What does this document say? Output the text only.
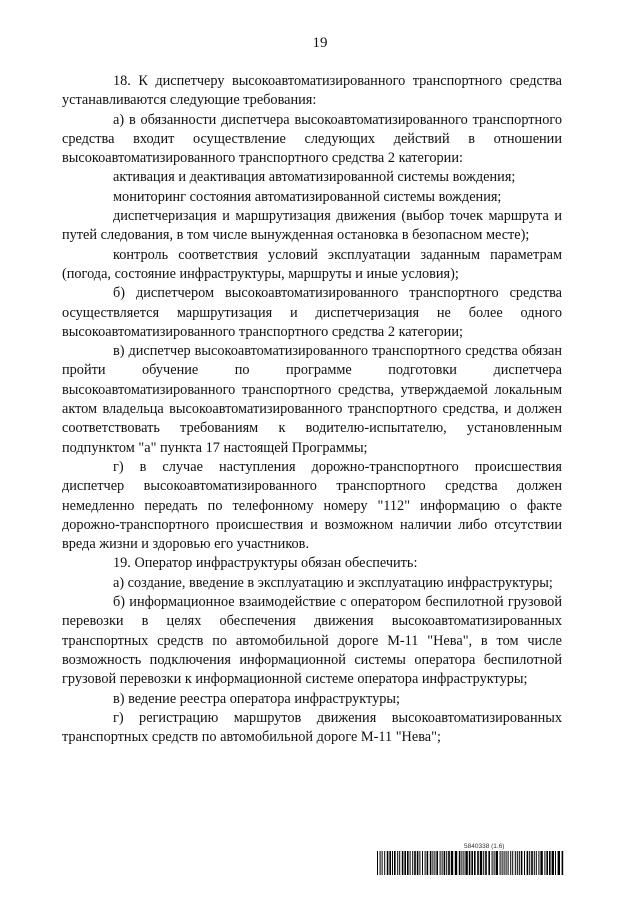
19

18. К диспетчеру высокоавтоматизированного транспортного средства устанавливаются следующие требования:

а) в обязанности диспетчера высокоавтоматизированного транспортного средства входит осуществление следующих действий в отношении высокоавтоматизированного транспортного средства 2 категории:

активация и деактивация автоматизированной системы вождения;

мониторинг состояния автоматизированной системы вождения;

диспетчеризация и маршрутизация движения (выбор точек маршрута и путей следования, в том числе вынужденная остановка в безопасном месте);

контроль соответствия условий эксплуатации заданным параметрам (погода, состояние инфраструктуры, маршруты и иные условия);

б) диспетчером высокоавтоматизированного транспортного средства осуществляется маршрутизация и диспетчеризация не более одного высокоавтоматизированного транспортного средства 2 категории;

в) диспетчер высокоавтоматизированного транспортного средства обязан пройти обучение по программе подготовки диспетчера высокоавтоматизированного транспортного средства, утверждаемой локальным актом владельца высокоавтоматизированного транспортного средства, и должен соответствовать требованиям к водителю-испытателю, установленным подпунктом "а" пункта 17 настоящей Программы;

г) в случае наступления дорожно-транспортного происшествия диспетчер высокоавтоматизированного транспортного средства должен немедленно передать по телефонному номеру "112" информацию о факте дорожно-транспортного происшествия и возможном наличии либо отсутствии вреда жизни и здоровью его участников.

19. Оператор инфраструктуры обязан обеспечить:

а) создание, введение в эксплуатацию и эксплуатацию инфраструктуры;

б) информационное взаимодействие с оператором беспилотной грузовой перевозки в целях обеспечения движения высокоавтоматизированных транспортных средств по автомобильной дороге М-11 "Нева", в том числе возможность подключения информационной системы оператора беспилотной грузовой перевозки к информационной системе оператора инфраструктуры;

в) ведение реестра оператора инфраструктуры;

г) регистрацию маршрутов движения высокоавтоматизированных транспортных средств по автомобильной дороге М-11 "Нева";

5840338 (1.6)
